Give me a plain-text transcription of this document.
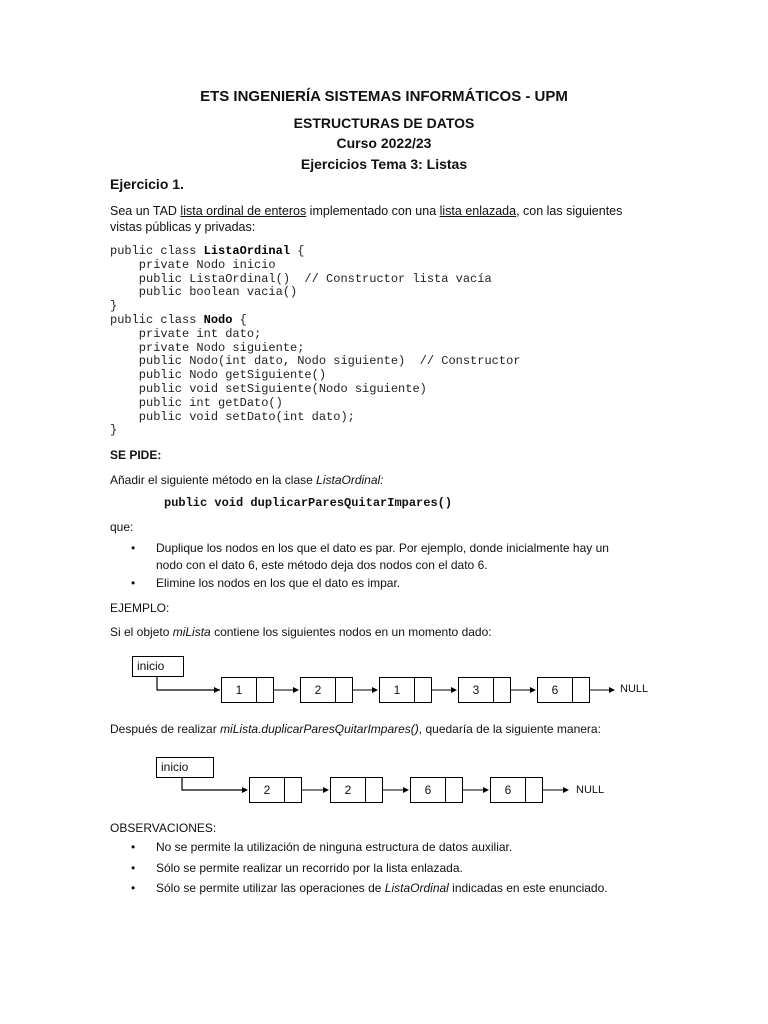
ETS INGENIERÍA SISTEMAS INFORMÁTICOS - UPM
ESTRUCTURAS DE DATOS
Curso 2022/23
Ejercicios Tema 3: Listas
Ejercicio 1.
Sea un TAD lista ordinal de enteros implementado con una lista enlazada, con las siguientes
vistas públicas y privadas:
public class ListaOrdinal {
private Nodo inicio
public ListaOrdinal()  // Constructor lista vacía
public boolean vacia()
}
public class Nodo {
private int dato;
private Nodo siguiente;
public Nodo(int dato, Nodo siguiente)  // Constructor
public Nodo getSiguiente()
public void setSiguiente(Nodo siguiente)
public int getDato()
public void setDato(int dato);
}
SE PIDE:
Añadir el siguiente método en la clase ListaOrdinal:
public void duplicarParesQuitarImpares()
que:
• Duplique los nodos en los que el dato es par. Por ejemplo, donde inicialmente hay un
nodo con el dato 6, este método deja dos nodos con el dato 6.
• Elimine los nodos en los que el dato es impar.
EJEMPLO:
Si el objeto miLista contiene los siguientes nodos en un momento dado:
inicio
1	2	1	3	6	NULL
Después de realizar miLista.duplicarParesQuitarImpares(), quedaría de la siguiente manera:
inicio
2	2	6	6	NULL
OBSERVACIONES:
• No se permite la utilización de ninguna estructura de datos auxiliar.
• Sólo se permite realizar un recorrido por la lista enlazada.
• Sólo se permite utilizar las operaciones de ListaOrdinal indicadas en este enunciado.
